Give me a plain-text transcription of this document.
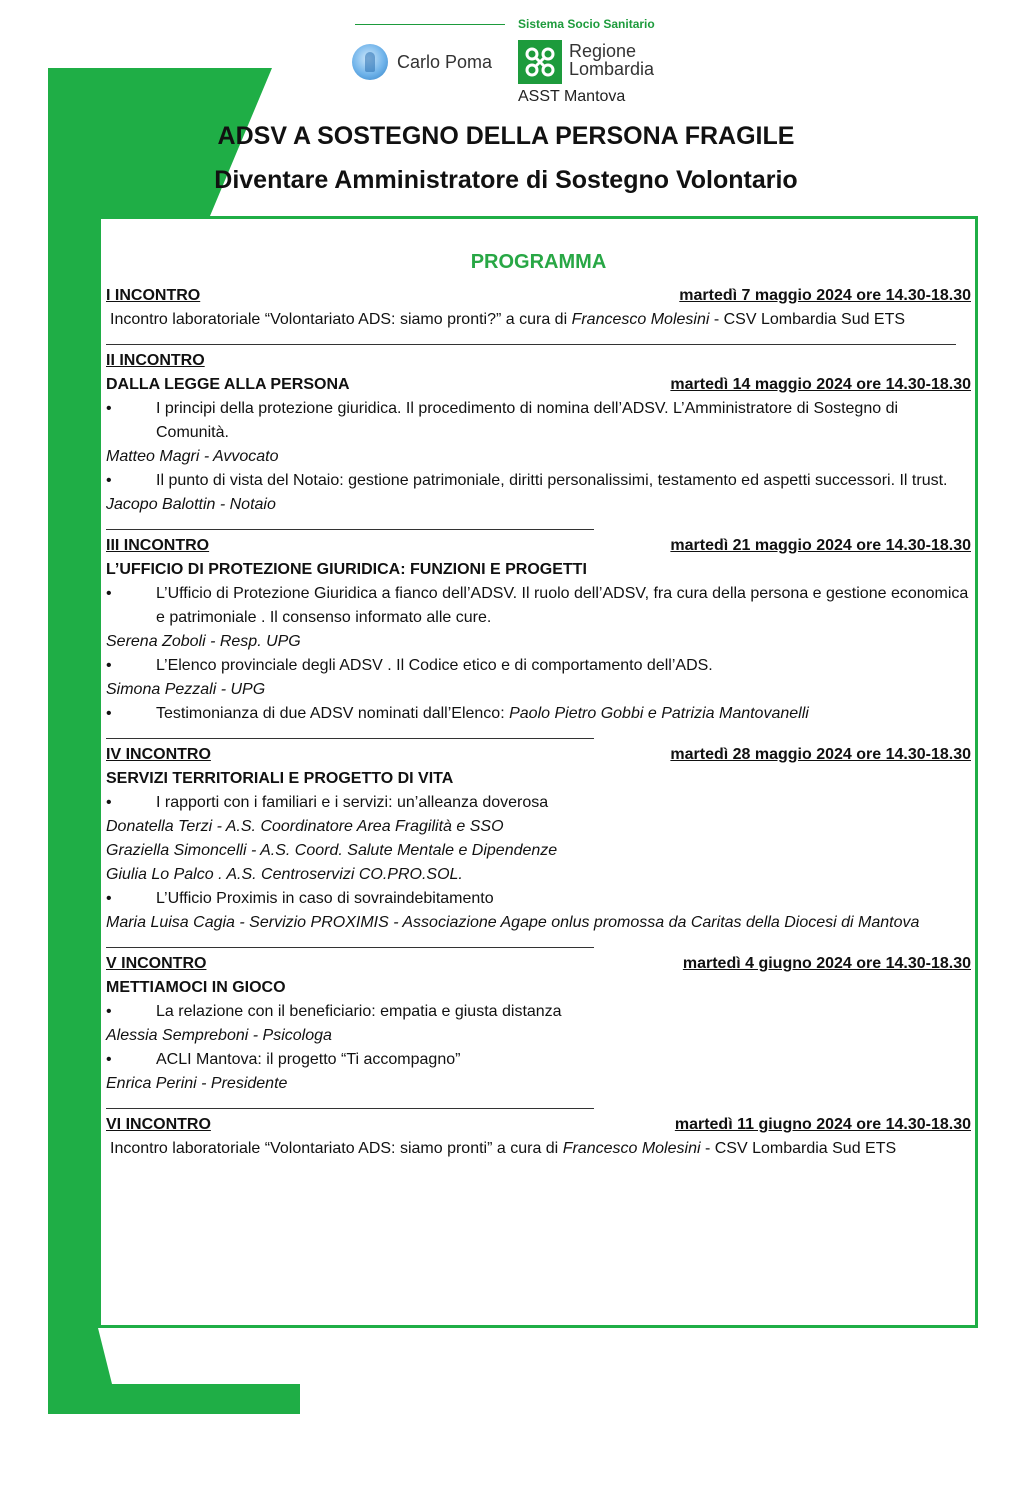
Sistema Socio Sanitario
Carlo Poma
Regione
Lombardia
ASST Mantova
ADSV A SOSTEGNO DELLA PERSONA FRAGILE
Diventare Amministratore di Sostegno Volontario
PROGRAMMA
I INCONTRO	martedì 7 maggio 2024 ore 14.30-18.30
Incontro laboratoriale “Volontariato ADS: siamo pronti?” a cura di Francesco Molesini - CSV Lombardia Sud ETS
II INCONTRO
DALLA LEGGE ALLA PERSONA	martedì 14 maggio 2024 ore 14.30-18.30
•	I principi della protezione giuridica. Il procedimento di nomina dell’ADSV. L’Amministratore di Sostegno di Comunità.
Matteo Magri - Avvocato
•	Il punto di vista del Notaio: gestione patrimoniale, diritti personalissimi, testamento ed aspetti successori. Il trust.
Jacopo Balottin - Notaio
III INCONTRO	martedì 21 maggio 2024 ore 14.30-18.30
L’UFFICIO DI PROTEZIONE GIURIDICA: FUNZIONI E PROGETTI
•	L’Ufficio di Protezione Giuridica a fianco dell’ADSV. Il ruolo dell’ADSV, fra cura della persona e gestione economica e patrimoniale . Il consenso informato alle cure.
Serena Zoboli - Resp. UPG
•	L’Elenco provinciale degli ADSV . Il Codice etico e di comportamento dell’ADS.
Simona Pezzali - UPG
•	Testimonianza di due ADSV nominati dall’Elenco: Paolo Pietro Gobbi e Patrizia Mantovanelli
IV INCONTRO	martedì 28 maggio 2024 ore 14.30-18.30
SERVIZI TERRITORIALI E PROGETTO DI VITA
•	I rapporti con i familiari e i servizi: un’alleanza doverosa
Donatella Terzi - A.S. Coordinatore Area Fragilità e SSO
Graziella Simoncelli - A.S. Coord. Salute Mentale e Dipendenze
Giulia Lo Palco . A.S. Centroservizi CO.PRO.SOL.
•	L’Ufficio Proximis in caso di sovraindebitamento
Maria Luisa Cagia - Servizio PROXIMIS - Associazione Agape onlus promossa da Caritas della Diocesi di Mantova
V INCONTRO	martedì 4 giugno 2024 ore 14.30-18.30
METTIAMOCI IN GIOCO
•	La relazione con il beneficiario: empatia e giusta distanza
Alessia Sempreboni - Psicologa
•	ACLI Mantova: il progetto “Ti accompagno”
Enrica Perini - Presidente
VI INCONTRO	martedì 11 giugno 2024 ore 14.30-18.30
Incontro laboratoriale “Volontariato ADS: siamo pronti” a cura di Francesco Molesini - CSV Lombardia Sud ETS
